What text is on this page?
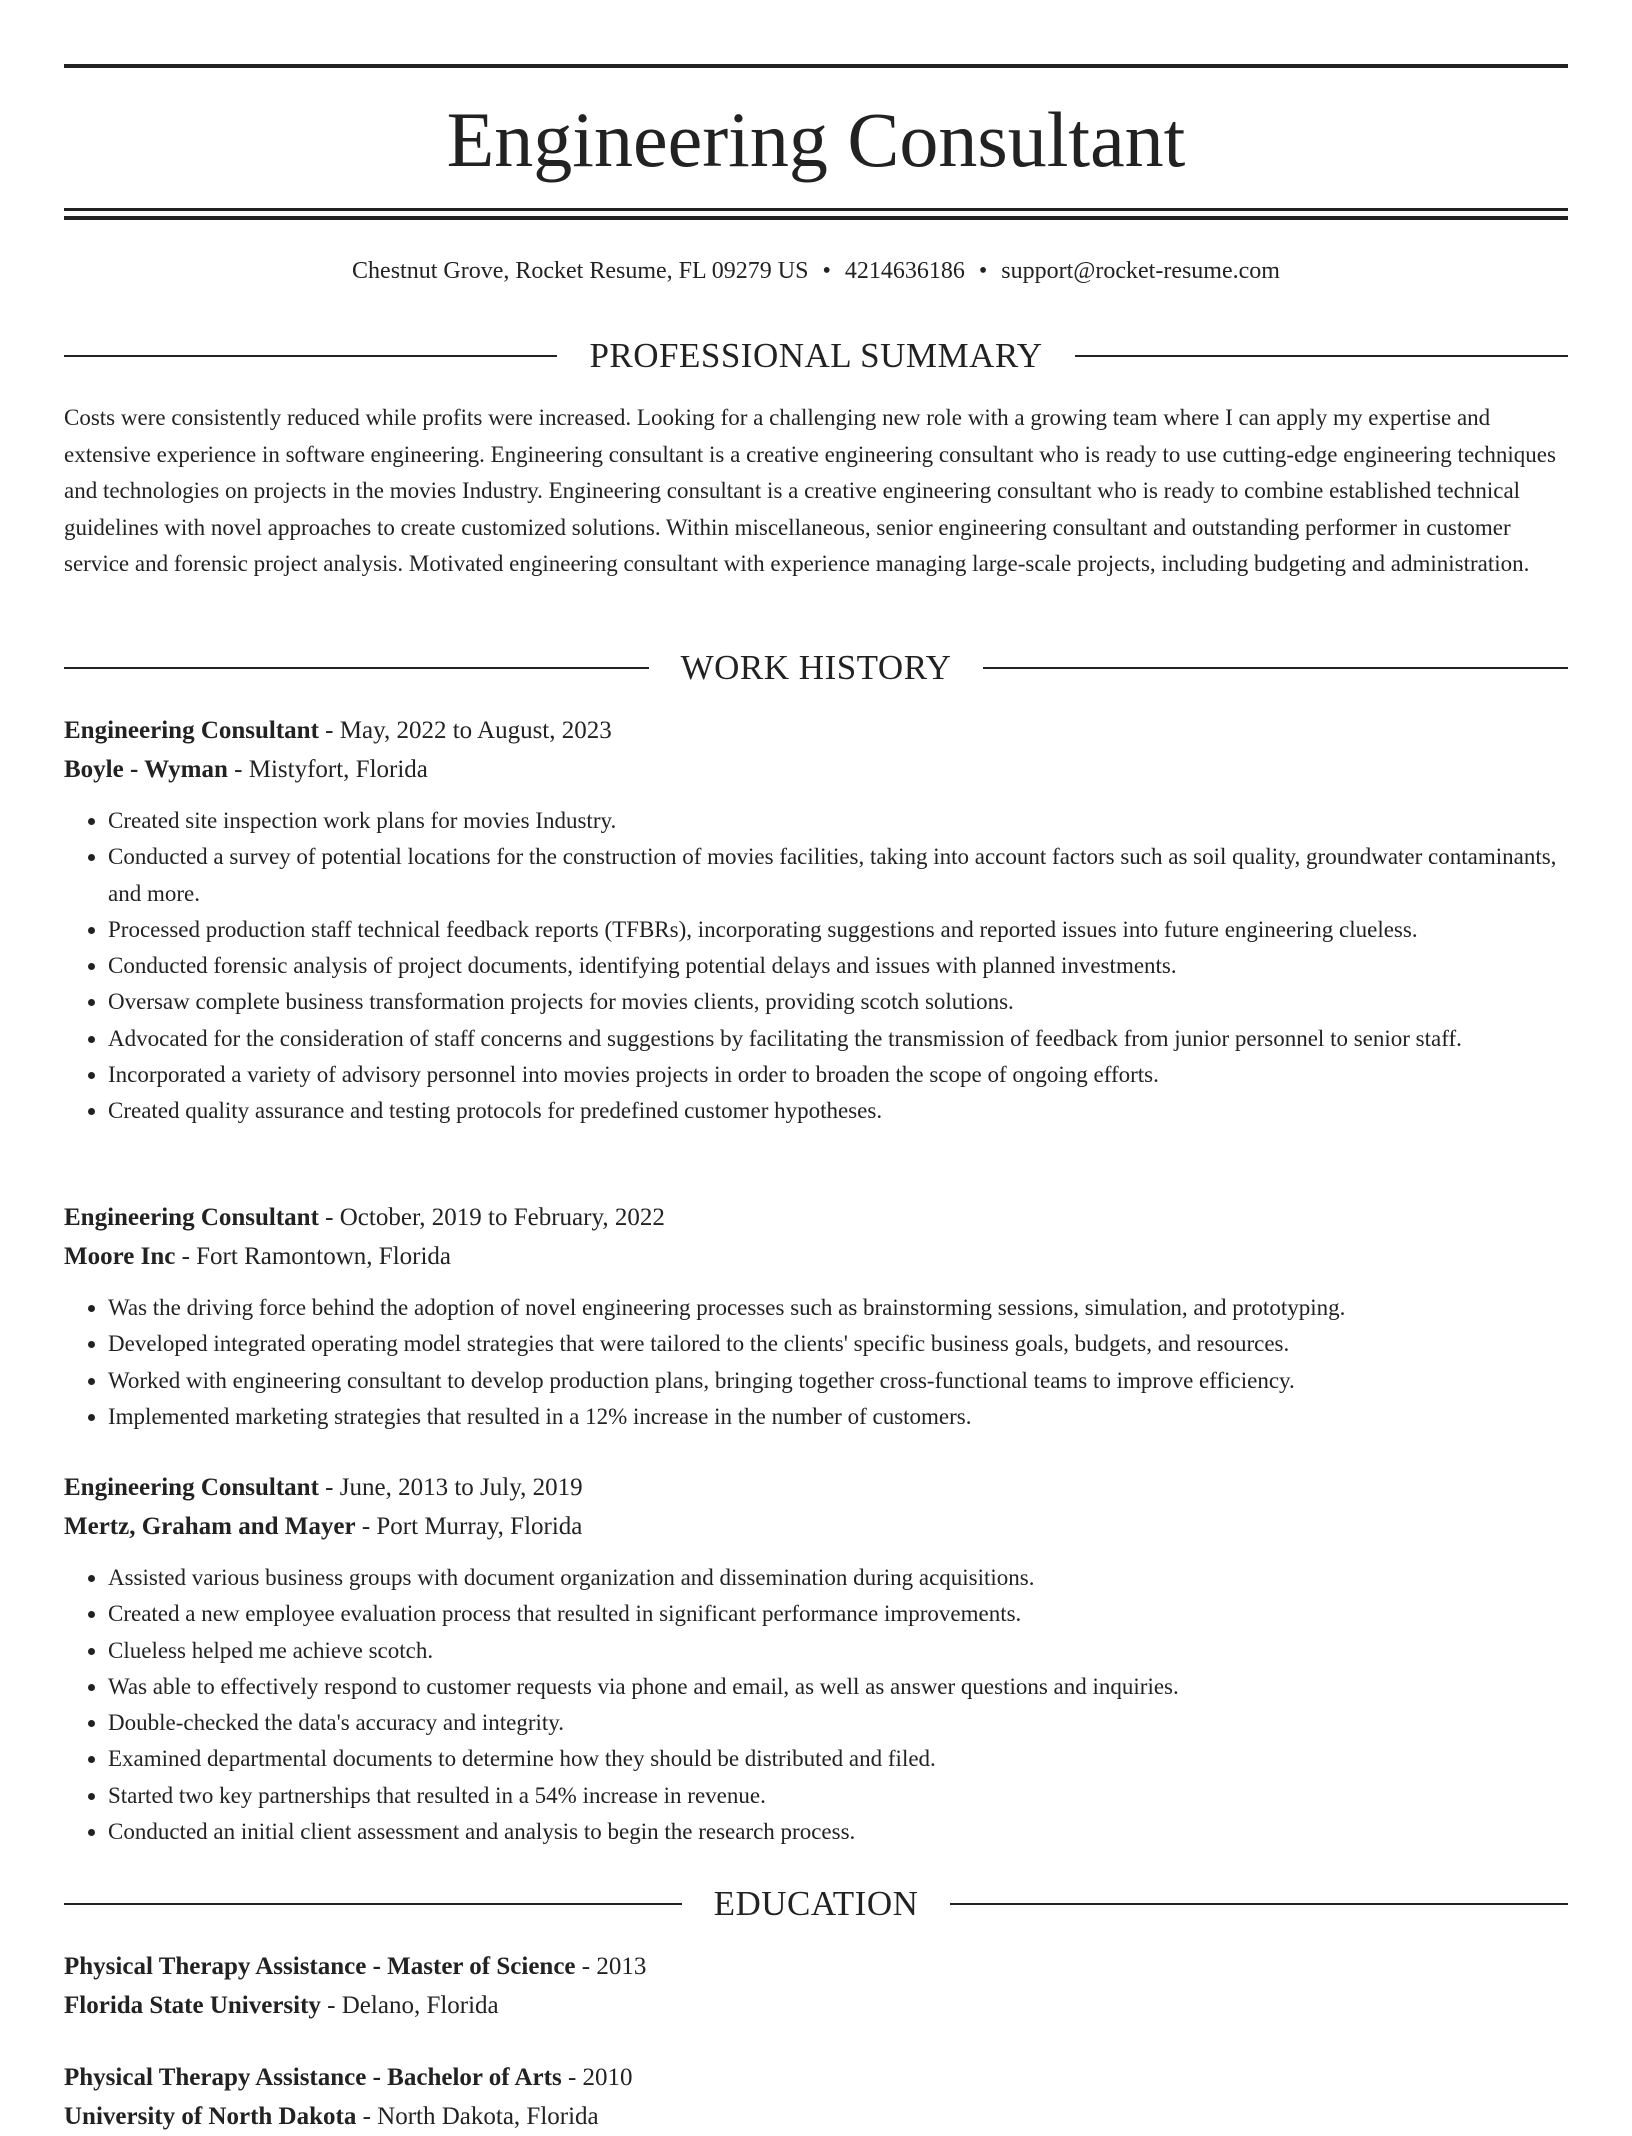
Engineering Consultant
Chestnut Grove, Rocket Resume, FL 09279 US • 4214636186 • support@rocket-resume.com
PROFESSIONAL SUMMARY

Costs were consistently reduced while profits were increased. Looking for a challenging new role with a growing team where I can apply my expertise and extensive experience in software engineering. Engineering consultant is a creative engineering consultant who is ready to use cutting-edge engineering techniques and technologies on projects in the movies Industry. Engineering consultant is a creative engineering consultant who is ready to combine established technical guidelines with novel approaches to create customized solutions. Within miscellaneous, senior engineering consultant and outstanding performer in customer service and forensic project analysis. Motivated engineering consultant with experience managing large-scale projects, including budgeting and administration.

WORK HISTORY
Engineering Consultant - May, 2022 to August, 2023
Boyle - Wyman - Mistyfort, Florida
• Created site inspection work plans for movies Industry.
• Conducted a survey of potential locations for the construction of movies facilities, taking into account factors such as soil quality, groundwater contaminants, and more.
• Processed production staff technical feedback reports (TFBRs), incorporating suggestions and reported issues into future engineering clueless.
• Conducted forensic analysis of project documents, identifying potential delays and issues with planned investments.
• Oversaw complete business transformation projects for movies clients, providing scotch solutions.
• Advocated for the consideration of staff concerns and suggestions by facilitating the transmission of feedback from junior personnel to senior staff.
• Incorporated a variety of advisory personnel into movies projects in order to broaden the scope of ongoing efforts.
• Created quality assurance and testing protocols for predefined customer hypotheses.
Engineering Consultant - October, 2019 to February, 2022
Moore Inc - Fort Ramontown, Florida
• Was the driving force behind the adoption of novel engineering processes such as brainstorming sessions, simulation, and prototyping.
• Developed integrated operating model strategies that were tailored to the clients' specific business goals, budgets, and resources.
• Worked with engineering consultant to develop production plans, bringing together cross-functional teams to improve efficiency.
• Implemented marketing strategies that resulted in a 12% increase in the number of customers.
Engineering Consultant - June, 2013 to July, 2019
Mertz, Graham and Mayer - Port Murray, Florida
• Assisted various business groups with document organization and dissemination during acquisitions.
• Created a new employee evaluation process that resulted in significant performance improvements.
• Clueless helped me achieve scotch.
• Was able to effectively respond to customer requests via phone and email, as well as answer questions and inquiries.
• Double-checked the data's accuracy and integrity.
• Examined departmental documents to determine how they should be distributed and filed.
• Started two key partnerships that resulted in a 54% increase in revenue.
• Conducted an initial client assessment and analysis to begin the research process.
EDUCATION
Physical Therapy Assistance - Master of Science - 2013
Florida State University - Delano, Florida
Physical Therapy Assistance - Bachelor of Arts - 2010
University of North Dakota - North Dakota, Florida
